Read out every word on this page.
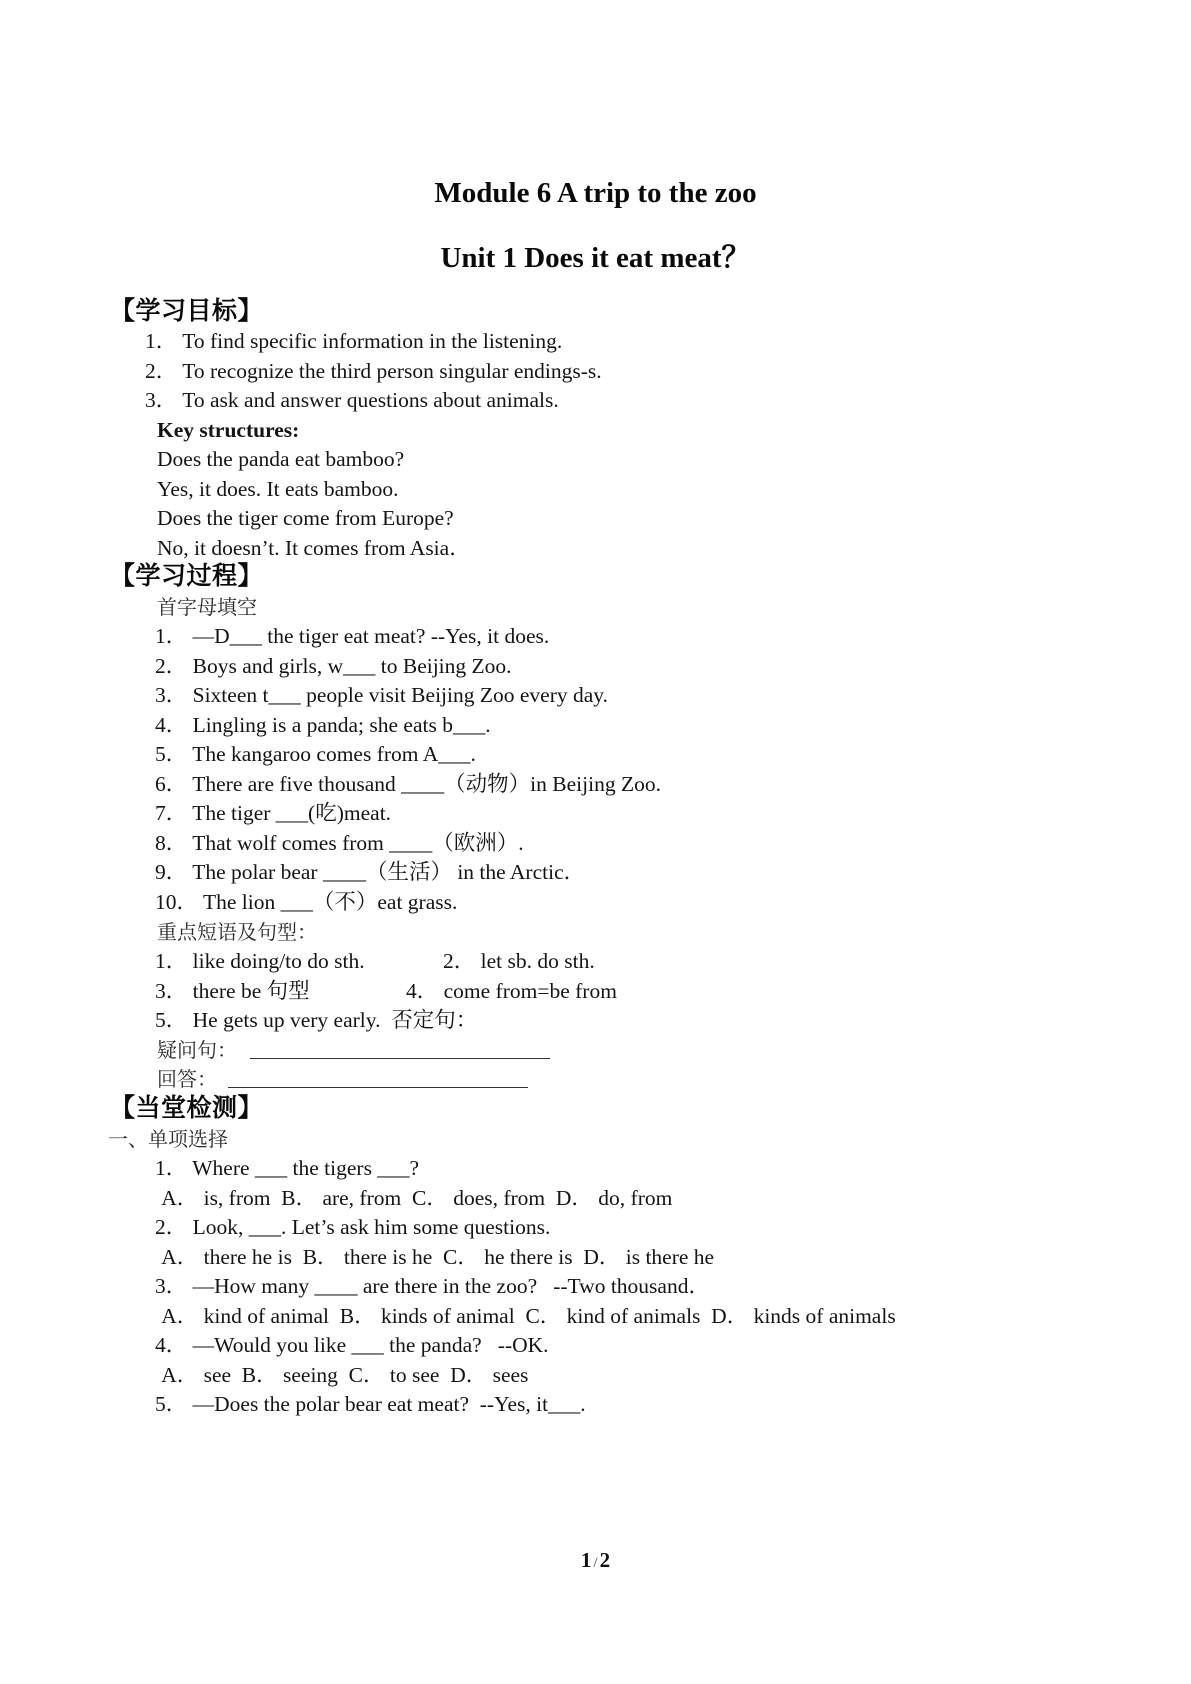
Module 6 A trip to the zoo
Unit 1 Does it eat meat？
【学习目标】
1． To find specific information in the listening.
2． To recognize the third person singular endings-s.
3． To ask and answer questions about animals.
Key structures:
Does the panda eat bamboo?
Yes, it does. It eats bamboo.
Does the tiger come from Europe?
No, it doesn’t. It comes from Asia．
【学习过程】
首字母填空
1． —D___ the tiger eat meat? --Yes, it does.
2． Boys and girls, w___ to Beijing Zoo.
3． Sixteen t___ people visit Beijing Zoo every day.
4． Lingling is a panda; she eats b___.
5． The kangaroo comes from A___.
6． There are five thousand ____（动物）in Beijing Zoo.
7． The tiger ___(吃)meat.
8． That wolf comes from ____（欧洲）.
9． The polar bear ____（生活） in the Arctic．
10． The lion ___（不）eat grass.
重点短语及句型：
1． like doing/to do sth.	2． let sb. do sth.
3． there be 句型	4． come from=be from
5． He gets up very early.  否定句：
疑问句：
回答：
【当堂检测】
一、单项选择
1． Where ___ the tigers ___?
A． is, from  B． are, from  C． does, from  D． do, from
2． Look, ___. Let’s ask him some questions.
A． there he is  B． there is he  C． he there is  D． is there he
3． —How many ____ are there in the zoo?   --Two thousand．
A． kind of animal  B． kinds of animal  C． kind of animals  D． kinds of animals
4． —Would you like ___ the panda?   --OK.
A． see  B． seeing  C． to see  D． sees
5． —Does the polar bear eat meat?  --Yes, it___.
1 /2
